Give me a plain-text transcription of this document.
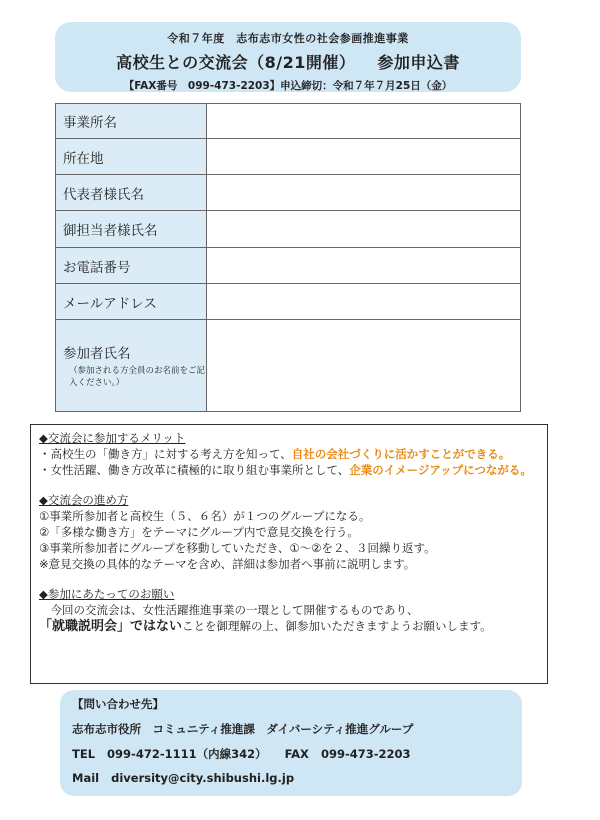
令和７年度　志布志市女性の社会参画推進事業
高校生との交流会（8/21開催） 参加申込書
【FAX番号　099-473-2203】申込締切：令和７年７月25日（金）
事業所名	
所在地	
代表者様氏名	
御担当者様氏名	
お電話番号	
メールアドレス	

参加者氏名
（参加される方全員のお名前をご記入ください。）	

◆交流会に参加するメリット

・高校生の「働き方」に対する考え方を知って、自社の会社づくりに活かすことができる。

・女性活躍、働き方改革に積極的に取り組む事業所として、企業のイメージアップにつながる。

◆交流会の進め方

①事業所参加者と高校生（５、６名）が１つのグループになる。

②「多様な働き方」をテーマにグループ内で意見交換を行う。

③事業所参加者にグループを移動していただき、①～②を２、３回繰り返す。

※意見交換の具体的なテーマを含め、詳細は参加者へ事前に説明します。

◆参加にあたってのお願い

　今回の交流会は、女性活躍推進事業の一環として開催するものであり、
「就職説明会」ではないことを御理解の上、御参加いただきますようお願いします。

【問い合わせ先】
志布志市役所　コミュニティ推進課　ダイバーシティ推進グループ
TEL 099-472-1111（内線342） FAX 099-473-2203
Mail diversity@city.shibushi.lg.jp
